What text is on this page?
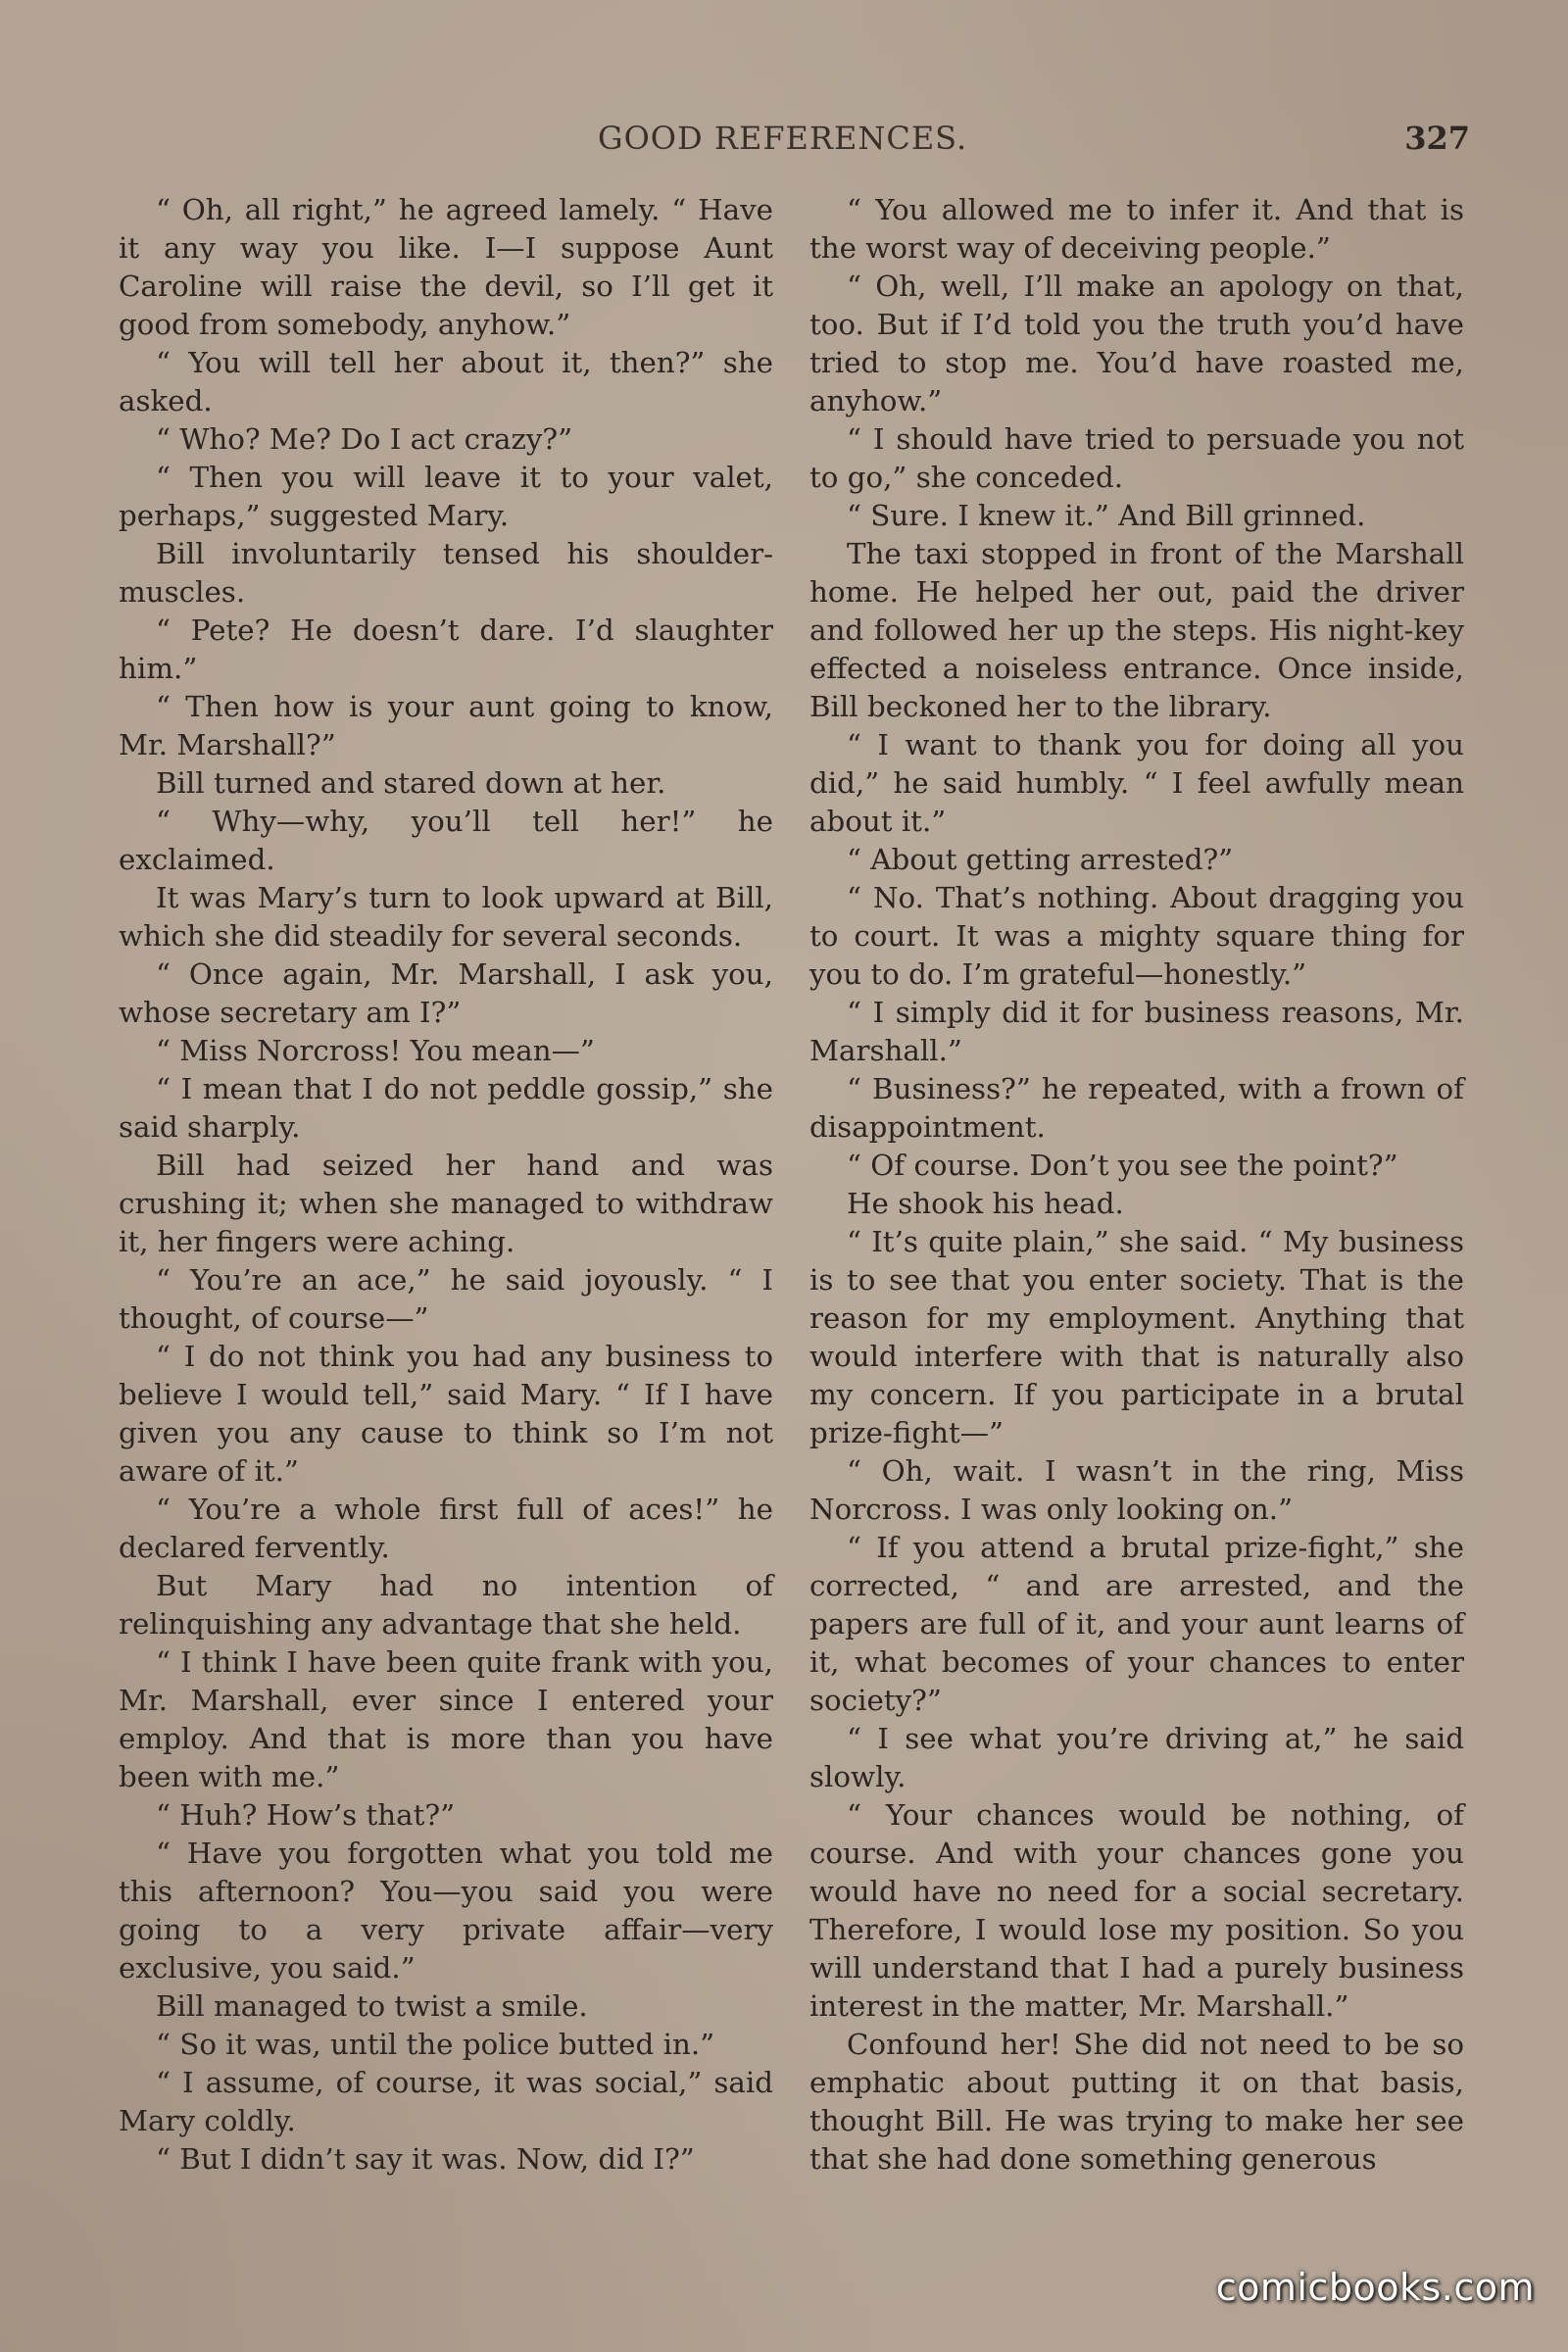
GOOD REFERENCES.	327

“ Oh, all right,” he agreed lamely. “ Have it any way you like. I—I suppose Aunt Caroline will raise the devil, so I’ll get it good from somebody, anyhow.”

“ You will tell her about it, then?” she asked.

“ Who? Me? Do I act crazy?”

“ Then you will leave it to your valet, perhaps,” suggested Mary.

Bill involuntarily tensed his shoulder-muscles.

“ Pete? He doesn’t dare. I’d slaughter him.”

“ Then how is your aunt going to know, Mr. Marshall?”

Bill turned and stared down at her.

“ Why—why, you’ll tell her!” he exclaimed.

It was Mary’s turn to look upward at Bill, which she did steadily for several seconds.

“ Once again, Mr. Marshall, I ask you, whose secretary am I?”

“ Miss Norcross! You mean—”

“ I mean that I do not peddle gossip,” she said sharply.

Bill had seized her hand and was crushing it; when she managed to withdraw it, her fingers were aching.

“ You’re an ace,” he said joyously. “ I thought, of course—”

“ I do not think you had any business to believe I would tell,” said Mary. “ If I have given you any cause to think so I’m not aware of it.”

“ You’re a whole first full of aces!” he declared fervently.

But Mary had no intention of relinquishing any advantage that she held.

“ I think I have been quite frank with you, Mr. Marshall, ever since I entered your employ. And that is more than you have been with me.”

“ Huh? How’s that?”

“ Have you forgotten what you told me this afternoon? You—you said you were going to a very private affair—very exclusive, you said.”

Bill managed to twist a smile.

“ So it was, until the police butted in.”

“ I assume, of course, it was social,” said Mary coldly.

“ But I didn’t say it was. Now, did I?”

“ You allowed me to infer it. And that is the worst way of deceiving people.”

“ Oh, well, I’ll make an apology on that, too. But if I’d told you the truth you’d have tried to stop me. You’d have roasted me, anyhow.”

“ I should have tried to persuade you not to go,” she conceded.

“ Sure. I knew it.” And Bill grinned.

The taxi stopped in front of the Marshall home. He helped her out, paid the driver and followed her up the steps. His night-key effected a noiseless entrance. Once inside, Bill beckoned her to the library.

“ I want to thank you for doing all you did,” he said humbly. “ I feel awfully mean about it.”

“ About getting arrested?”

“ No. That’s nothing. About dragging you to court. It was a mighty square thing for you to do. I’m grateful—honestly.”

“ I simply did it for business reasons, Mr. Marshall.”

“ Business?” he repeated, with a frown of disappointment.

“ Of course. Don’t you see the point?”

He shook his head.

“ It’s quite plain,” she said. “ My business is to see that you enter society. That is the reason for my employment. Anything that would interfere with that is naturally also my concern. If you participate in a brutal prize-fight—”

“ Oh, wait. I wasn’t in the ring, Miss Norcross. I was only looking on.”

“ If you attend a brutal prize-fight,” she corrected, “ and are arrested, and the papers are full of it, and your aunt learns of it, what becomes of your chances to enter society?”

“ I see what you’re driving at,” he said slowly.

“ Your chances would be nothing, of course. And with your chances gone you would have no need for a social secretary. Therefore, I would lose my position. So you will understand that I had a purely business interest in the matter, Mr. Marshall.”

Confound her! She did not need to be so emphatic about putting it on that basis, thought Bill. He was trying to make her see that she had done something generous

comicbooks.com
